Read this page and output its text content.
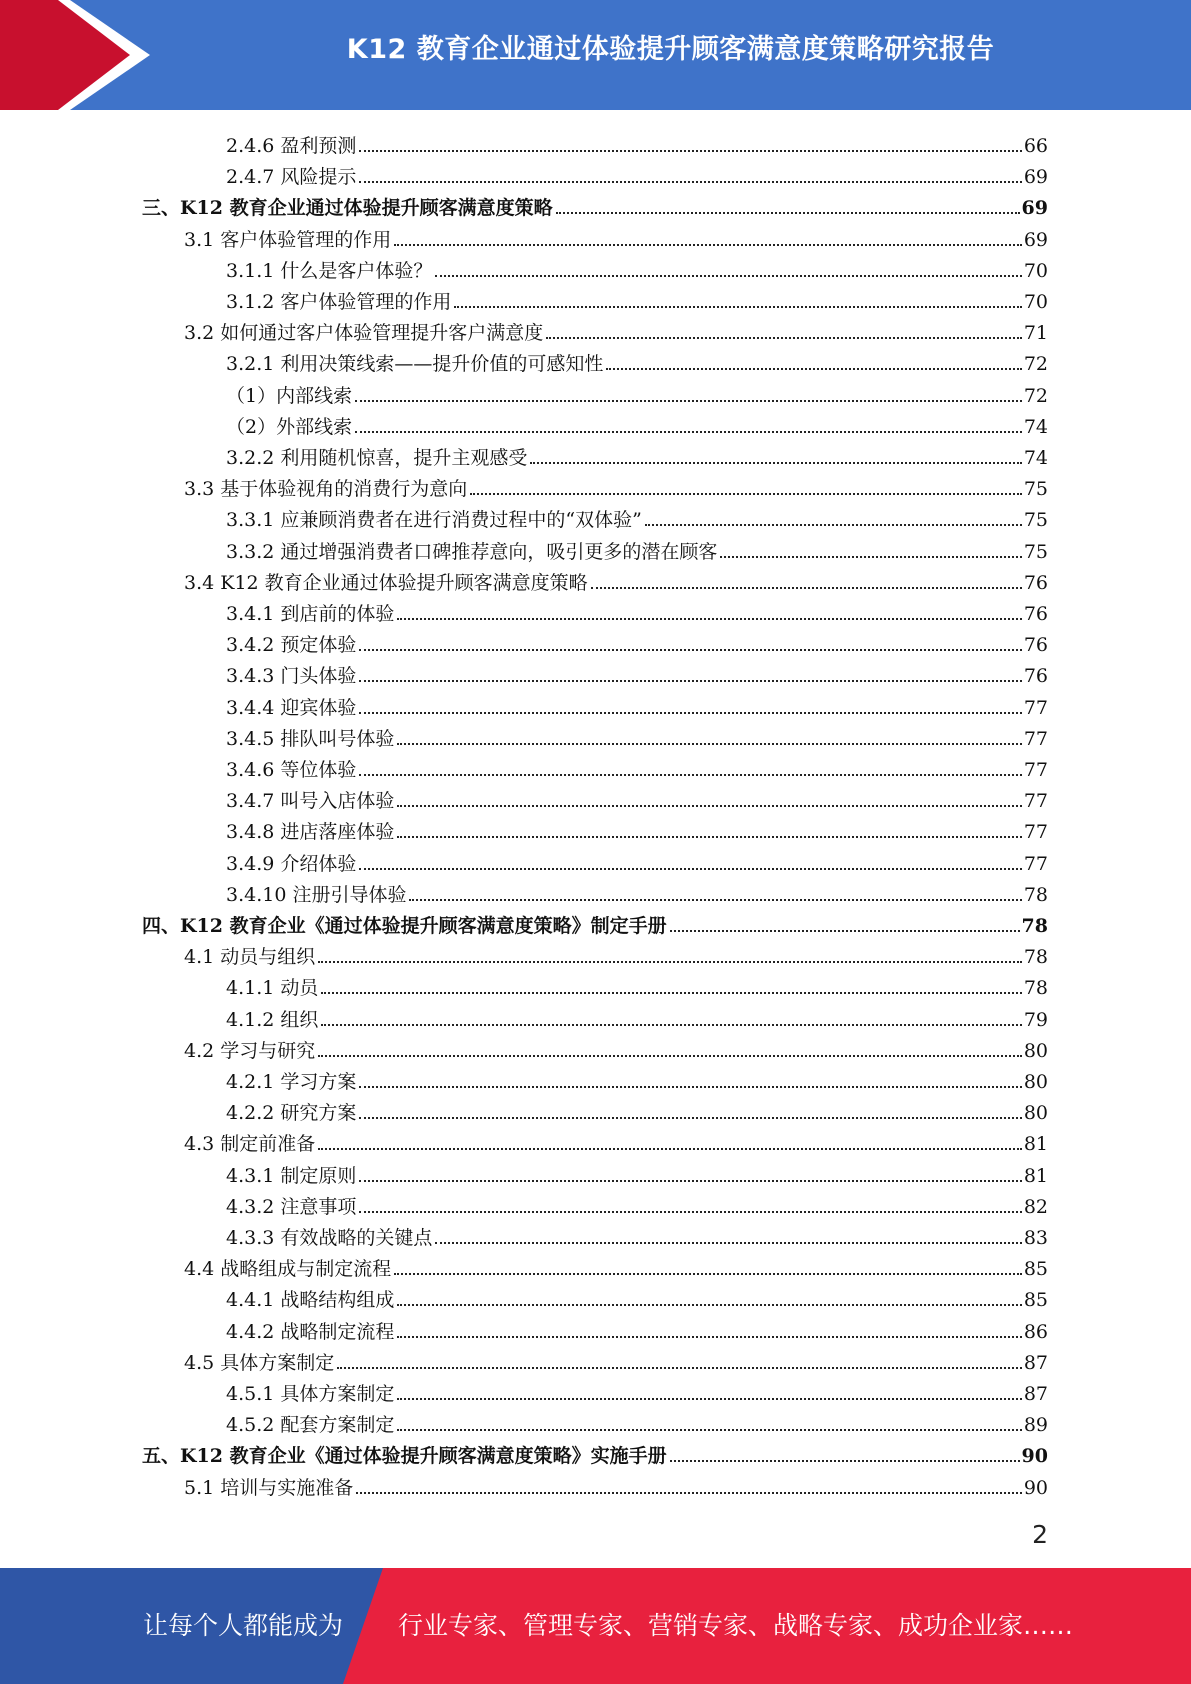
K12 教育企业通过体验提升顾客满意度策略研究报告
2.4.6 盈利预测	66
2.4.7 风险提示	69
三、K12 教育企业通过体验提升顾客满意度策略	69
3.1 客户体验管理的作用	69
3.1.1 什么是客户体验？	70
3.1.2 客户体验管理的作用	70
3.2 如何通过客户体验管理提升客户满意度	71
3.2.1 利用决策线索——提升价值的可感知性	72
（1）内部线索	72
（2）外部线索	74
3.2.2 利用随机惊喜，提升主观感受	74
3.3 基于体验视角的消费行为意向	75
3.3.1 应兼顾消费者在进行消费过程中的“双体验”	75
3.3.2 通过增强消费者口碑推荐意向，吸引更多的潜在顾客	75
3.4 K12 教育企业通过体验提升顾客满意度策略	76
3.4.1 到店前的体验	76
3.4.2 预定体验	76
3.4.3 门头体验	76
3.4.4 迎宾体验	77
3.4.5 排队叫号体验	77
3.4.6 等位体验	77
3.4.7 叫号入店体验	77
3.4.8 进店落座体验	77
3.4.9 介绍体验	77
3.4.10 注册引导体验	78
四、K12 教育企业《通过体验提升顾客满意度策略》制定手册	78
4.1 动员与组织	78
4.1.1 动员	78
4.1.2 组织	79
4.2 学习与研究	80
4.2.1 学习方案	80
4.2.2 研究方案	80
4.3 制定前准备	81
4.3.1 制定原则	81
4.3.2 注意事项	82
4.3.3 有效战略的关键点	83
4.4 战略组成与制定流程	85
4.4.1 战略结构组成	85
4.4.2 战略制定流程	86
4.5 具体方案制定	87
4.5.1 具体方案制定	87
4.5.2 配套方案制定	89
五、K12 教育企业《通过体验提升顾客满意度策略》实施手册	90
5.1 培训与实施准备	90
2
让每个人都能成为 行业专家、管理专家、营销专家、战略专家、成功企业家……
